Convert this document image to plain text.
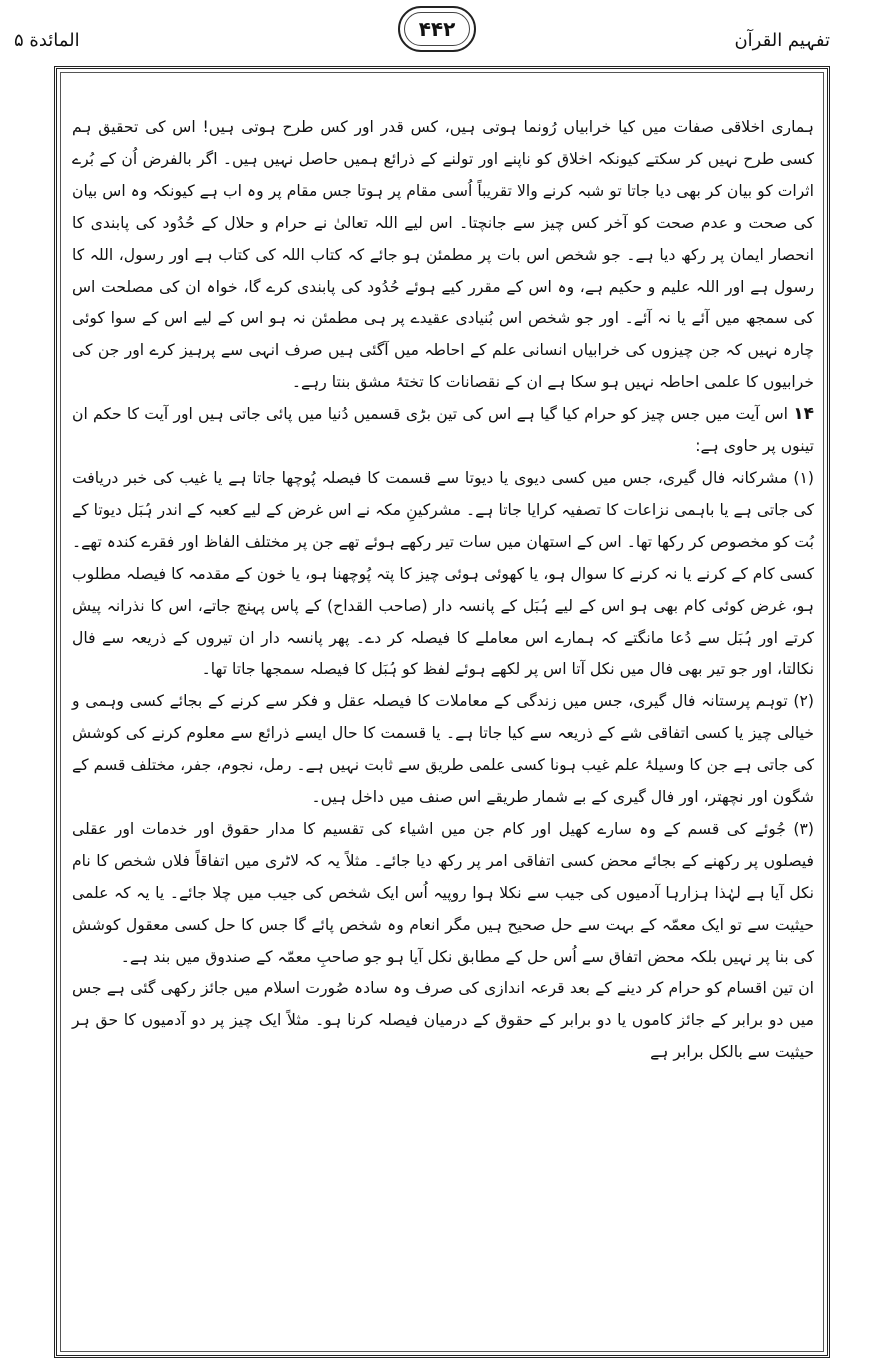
تفہیم القرآن
۴۴۲
المائدة ۵

ہماری اخلاقی صفات میں کیا خرابیاں رُونما ہوتی ہیں، کس قدر اور کس طرح ہوتی ہیں! اس کی تحقیق ہم کسی طرح نہیں کر سکتے کیونکہ اخلاق کو ناپنے اور تولنے کے ذرائع ہمیں حاصل نہیں ہیں۔ اگر بالفرض اُن کے بُرے اثرات کو بیان کر بھی دیا جاتا تو شبہ کرنے والا تقریباً اُسی مقام پر ہوتا جس مقام پر وہ اب ہے کیونکہ وہ اس بیان کی صحت و عدم صحت کو آخر کس چیز سے جانچتا۔ اس لیے اللہ تعالیٰ نے حرام و حلال کے حُدُود کی پابندی کا انحصار ایمان پر رکھ دیا ہے۔ جو شخص اس بات پر مطمئن ہو جائے کہ کتاب اللہ کی کتاب ہے اور رسول، اللہ کا رسول ہے اور اللہ علیم و حکیم ہے، وہ اس کے مقرر کیے ہوئے حُدُود کی پابندی کرے گا، خواہ ان کی مصلحت اس کی سمجھ میں آئے یا نہ آئے۔ اور جو شخص اس بُنیادی عقیدے پر ہی مطمئن نہ ہو اس کے لیے اس کے سوا کوئی چارہ نہیں کہ جن چیزوں کی خرابیاں انسانی علم کے احاطہ میں آگئی ہیں صرف انہی سے پرہیز کرے اور جن کی خرابیوں کا علمی احاطہ نہیں ہو سکا ہے ان کے نقصانات کا تختۂ مشق بنتا رہے۔

۱۴ اس آیت میں جس چیز کو حرام کیا گیا ہے اس کی تین بڑی قسمیں دُنیا میں پائی جاتی ہیں اور آیت کا حکم ان تینوں پر حاوی ہے:

(۱) مشرکانہ فال گیری، جس میں کسی دیوی یا دیوتا سے قسمت کا فیصلہ پُوچھا جاتا ہے یا غیب کی خبر دریافت کی جاتی ہے یا باہمی نزاعات کا تصفیہ کرایا جاتا ہے۔ مشرکینِ مکہ نے اس غرض کے لیے کعبہ کے اندر ہُبَل دیوتا کے بُت کو مخصوص کر رکھا تھا۔ اس کے استھان میں سات تیر رکھے ہوئے تھے جن پر مختلف الفاظ اور فقرے کندہ تھے۔ کسی کام کے کرنے یا نہ کرنے کا سوال ہو، یا کھوئی ہوئی چیز کا پتہ پُوچھنا ہو، یا خون کے مقدمہ کا فیصلہ مطلوب ہو، غرض کوئی کام بھی ہو اس کے لیے ہُبَل کے پانسہ دار (صاحب القداح) کے پاس پہنچ جاتے، اس کا نذرانہ پیش کرتے اور ہُبَل سے دُعا مانگتے کہ ہمارے اس معاملے کا فیصلہ کر دے۔ پھر پانسہ دار ان تیروں کے ذریعہ سے فال نکالتا، اور جو تیر بھی فال میں نکل آتا اس پر لکھے ہوئے لفظ کو ہُبَل کا فیصلہ سمجھا جاتا تھا۔

(۲) توہم پرستانہ فال گیری، جس میں زندگی کے معاملات کا فیصلہ عقل و فکر سے کرنے کے بجائے کسی وہمی و خیالی چیز یا کسی اتفاقی شے کے ذریعہ سے کیا جاتا ہے۔ یا قسمت کا حال ایسے ذرائع سے معلوم کرنے کی کوشش کی جاتی ہے جن کا وسیلۂ علم غیب ہونا کسی علمی طریق سے ثابت نہیں ہے۔ رمل، نجوم، جفر، مختلف قسم کے شگون اور نچھتر، اور فال گیری کے بے شمار طریقے اس صنف میں داخل ہیں۔

(۳) جُوئے کی قسم کے وہ سارے کھیل اور کام جن میں اشیاء کی تقسیم کا مدار حقوق اور خدمات اور عقلی فیصلوں پر رکھنے کے بجائے محض کسی اتفاقی امر پر رکھ دیا جائے۔ مثلاً یہ کہ لاٹری میں اتفاقاً فلاں شخص کا نام نکل آیا ہے لہٰذا ہزارہا آدمیوں کی جیب سے نکلا ہوا روپیہ اُس ایک شخص کی جیب میں چلا جائے۔ یا یہ کہ علمی حیثیت سے تو ایک معمّہ کے بہت سے حل صحیح ہیں مگر انعام وہ شخص پائے گا جس کا حل کسی معقول کوشش کی بنا پر نہیں بلکہ محض اتفاق سے اُس حل کے مطابق نکل آیا ہو جو صاحبِ معمّہ کے صندوق میں بند ہے۔

ان تین اقسام کو حرام کر دینے کے بعد قرعہ اندازی کی صرف وہ سادہ صُورت اسلام میں جائز رکھی گئی ہے جس میں دو برابر کے جائز کاموں یا دو برابر کے حقوق کے درمیان فیصلہ کرنا ہو۔ مثلاً ایک چیز پر دو آدمیوں کا حق ہر حیثیت سے بالکل برابر ہے
